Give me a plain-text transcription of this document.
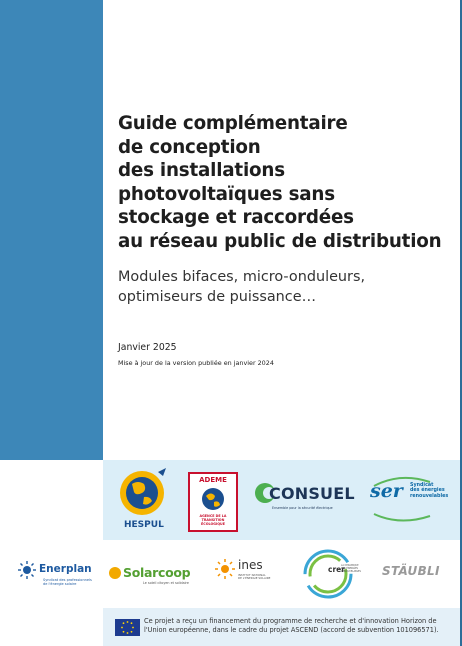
Guide complémentaire
de conception
des installations
photovoltaïques sans
stockage et raccordées
au réseau public de distribution
Modules bifaces, micro-onduleurs,
optimiseurs de puissance…
Janvier 2025
Mise à jour de la version publiée en janvier 2024
HESPUL
ADEME
AGENCE DE LA TRANSITION ÉCOLOGIQUE
CONSUEL
Ensemble pour la sécurité électrique
ser Syndicat
des énergies
renouvelables
Enerplan
Syndicat des professionnels
de l'énergie solaire
Solarcoop
Le soleil citoyen et solidaire
ines
INSTITUT NATIONAL
DE L'ÉNERGIE SOLAIRE
crer
LA DYNAMIQUE
DES ÉNERGIES
RENOUVELABLES STÄUBLI
Ce projet a reçu un financement du programme de recherche et d'innovation Horizon de l'Union européenne, dans le cadre du projet ASCEND (accord de subvention 101096571).
